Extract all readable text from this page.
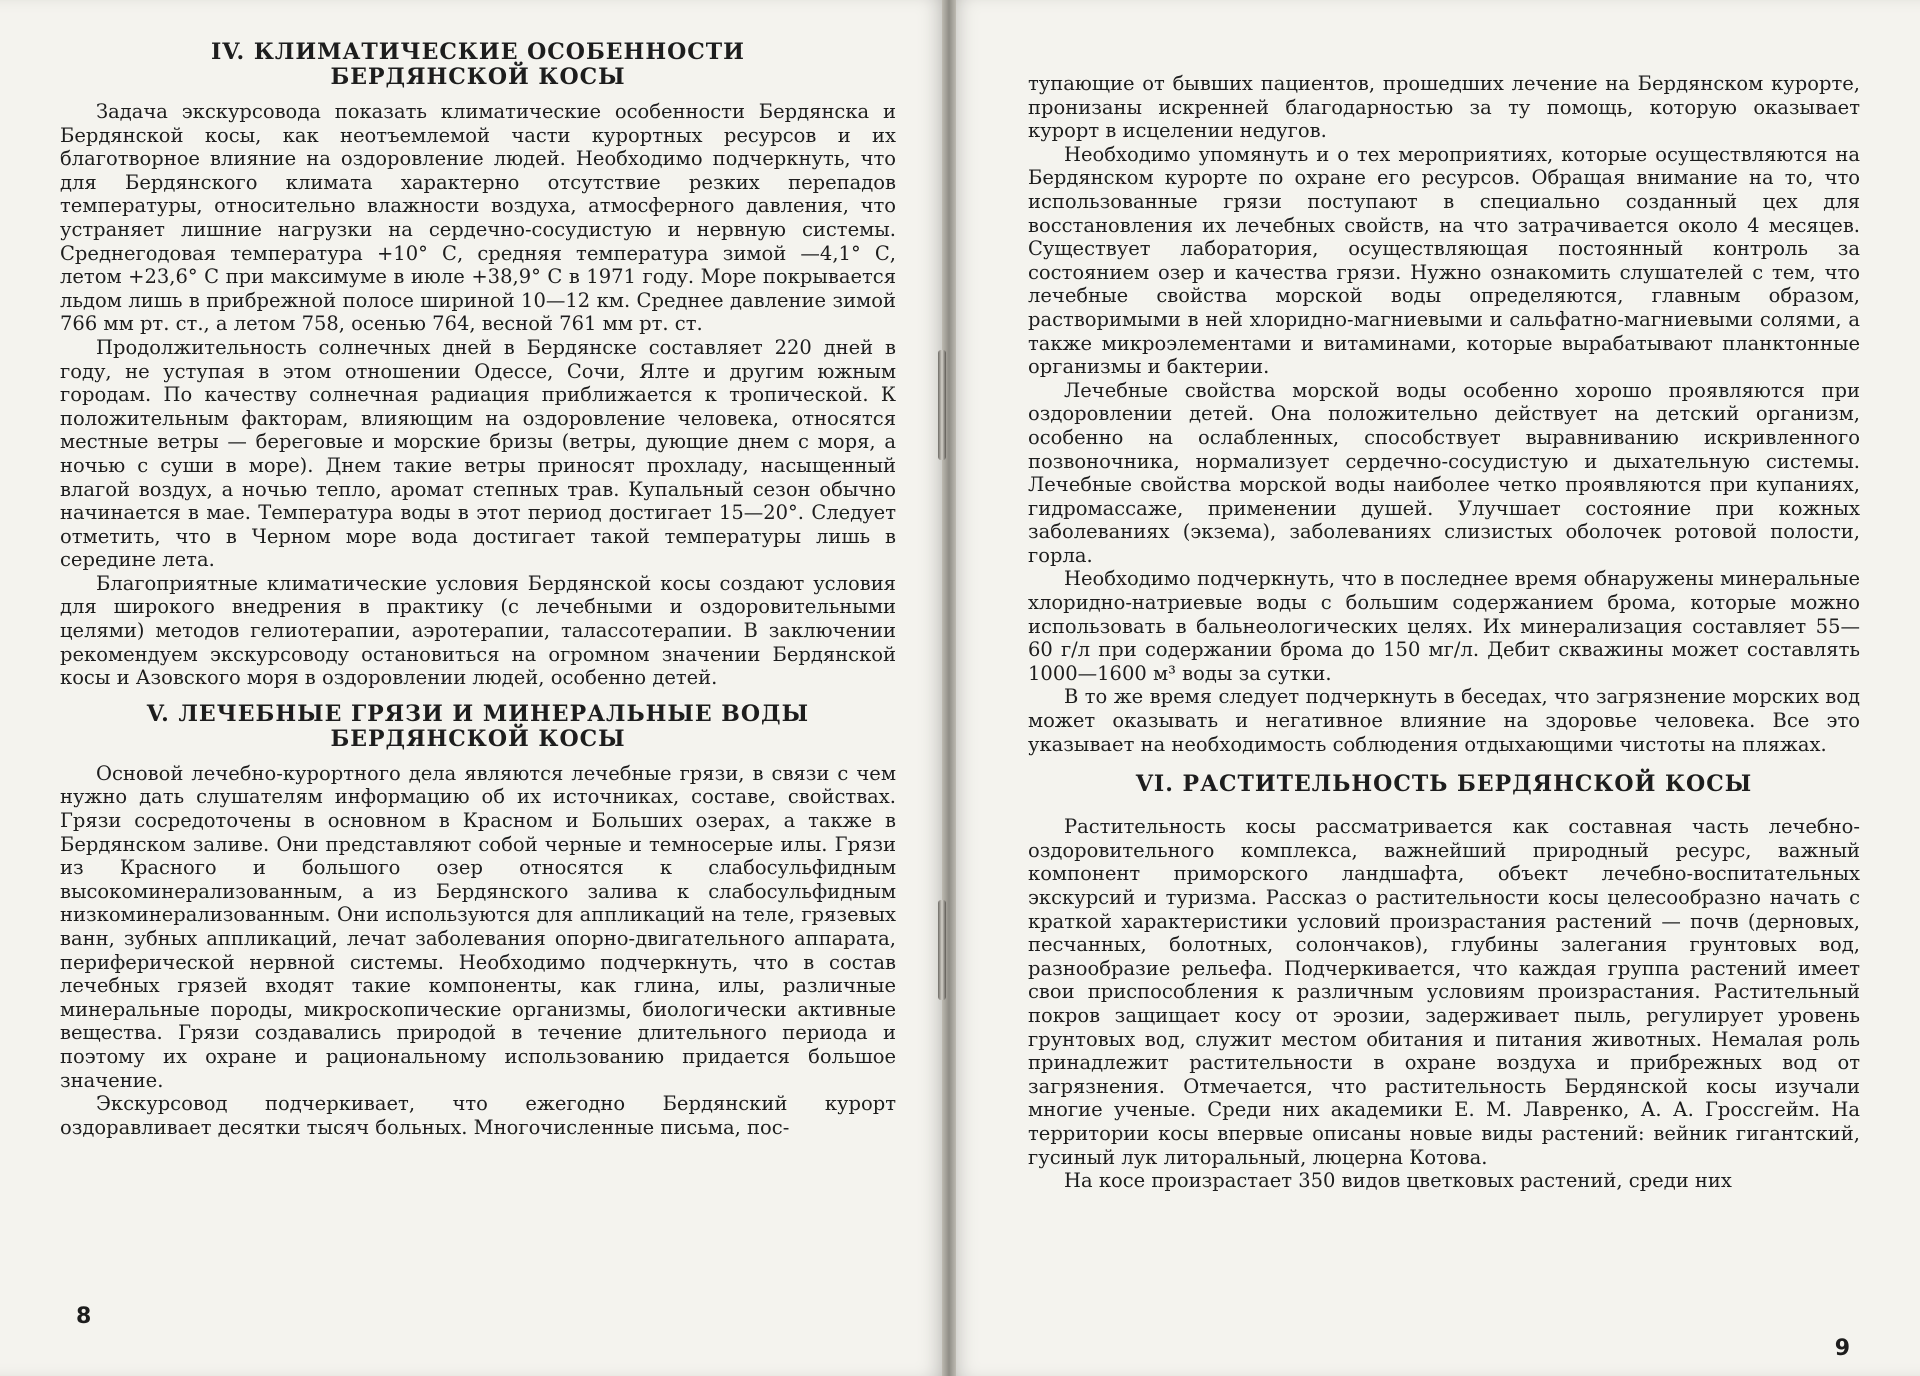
IV. КЛИМАТИЧЕСКИЕ ОСОБЕННОСТИ
БЕРДЯНСКОЙ КОСЫ

Задача экскурсовода показать климатические особенности Бердянска и Бердянской косы, как неотъемлемой части курортных ресурсов и их благотворное влияние на оздоровление людей. Необходимо подчеркнуть, что для Бердянского климата характерно отсутствие резких перепадов температуры, относительно влажности воздуха, атмосферного давления, что устраняет лишние нагрузки на сердечно-сосудистую и нервную системы. Среднегодовая температура +10° С, средняя температура зимой —4,1° С, летом +23,6° С при максимуме в июле +38,9° С в 1971 году. Море покрывается льдом лишь в прибрежной полосе шириной 10—12 км. Среднее давление зимой 766 мм рт. ст., а летом 758, осенью 764, весной 761 мм рт. ст.

Продолжительность солнечных дней в Бердянске составляет 220 дней в году, не уступая в этом отношении Одессе, Сочи, Ялте и другим южным городам. По качеству солнечная радиация приближается к тропической. К положительным факторам, влияющим на оздоровление человека, относятся местные ветры — береговые и морские бризы (ветры, дующие днем с моря, а ночью с суши в море). Днем такие ветры приносят прохладу, насыщенный влагой воздух, а ночью тепло, аромат степных трав. Купальный сезон обычно начинается в мае. Температура воды в этот период достигает 15—20°. Следует отметить, что в Черном море вода достигает такой температуры лишь в середине лета.

Благоприятные климатические условия Бердянской косы создают условия для широкого внедрения в практику (с лечебными и оздоровительными целями) методов гелиотерапии, аэротерапии, талассотерапии. В заключении рекомендуем экскурсоводу остановиться на огромном значении Бердянской косы и Азовского моря в оздоровлении людей, особенно детей.

V. ЛЕЧЕБНЫЕ ГРЯЗИ И МИНЕРАЛЬНЫЕ ВОДЫ
БЕРДЯНСКОЙ КОСЫ

Основой лечебно-курортного дела являются лечебные грязи, в связи с чем нужно дать слушателям информацию об их источниках, составе, свойствах. Грязи сосредоточены в основном в Красном и Больших озерах, а также в Бердянском заливе. Они представляют собой черные и темносерые илы. Грязи из Красного и большого озер относятся к слабосульфидным высокоминерализованным, а из Бердянского залива к слабосульфидным низкоминерализованным. Они используются для аппликаций на теле, грязевых ванн, зубных аппликаций, лечат заболевания опорно-двигательного аппарата, периферической нервной системы. Необходимо подчеркнуть, что в состав лечебных грязей входят такие компоненты, как глина, илы, различные минеральные породы, микроскопические организмы, биологически активные вещества. Грязи создавались природой в течение длительного периода и поэтому их охране и рациональному использованию придается большое значение.

Экскурсовод подчеркивает, что ежегодно Бердянский курорт оздоравливает десятки тысяч больных. Многочисленные письма, пос-

8

тупающие от бывших пациентов, прошедших лечение на Бердянском курорте, пронизаны искренней благодарностью за ту помощь, которую оказывает курорт в исцелении недугов.

Необходимо упомянуть и о тех мероприятиях, которые осуществляются на Бердянском курорте по охране его ресурсов. Обращая внимание на то, что использованные грязи поступают в специально созданный цех для восстановления их лечебных свойств, на что затрачивается около 4 месяцев. Существует лаборатория, осуществляющая постоянный контроль за состоянием озер и качества грязи. Нужно ознакомить слушателей с тем, что лечебные свойства морской воды определяются, главным образом, растворимыми в ней хлоридно-магниевыми и сальфатно-магниевыми солями, а также микроэлементами и витаминами, которые вырабатывают планктонные организмы и бактерии.

Лечебные свойства морской воды особенно хорошо проявляются при оздоровлении детей. Она положительно действует на детский организм, особенно на ослабленных, способствует выравниванию искривленного позвоночника, нормализует сердечно-сосудистую и дыхательную системы. Лечебные свойства морской воды наиболее четко проявляются при купаниях, гидромассаже, применении душей. Улучшает состояние при кожных заболеваниях (экзема), заболеваниях слизистых оболочек ротовой полости, горла.

Необходимо подчеркнуть, что в последнее время обнаружены минеральные хлоридно-натриевые воды с большим содержанием брома, которые можно использовать в бальнеологических целях. Их минерализация составляет 55—60 г/л при содержании брома до 150 мг/л. Дебит скважины может составлять 1000—1600 м³ воды за сутки.

В то же время следует подчеркнуть в беседах, что загрязнение морских вод может оказывать и негативное влияние на здоровье человека. Все это указывает на необходимость соблюдения отдыхающими чистоты на пляжах.

VI. РАСТИТЕЛЬНОСТЬ БЕРДЯНСКОЙ КОСЫ

Растительность косы рассматривается как составная часть лечебно-оздоровительного комплекса, важнейший природный ресурс, важный компонент приморского ландшафта, объект лечебно-воспитательных экскурсий и туризма. Рассказ о растительности косы целесообразно начать с краткой характеристики условий произрастания растений — почв (дерновых, песчанных, болотных, солончаков), глубины залегания грунтовых вод, разнообразие рельефа. Подчеркивается, что каждая группа растений имеет свои приспособления к различным условиям произрастания. Растительный покров защищает косу от эрозии, задерживает пыль, регулирует уровень грунтовых вод, служит местом обитания и питания животных. Немалая роль принадлежит растительности в охране воздуха и прибрежных вод от загрязнения. Отмечается, что растительность Бердянской косы изучали многие ученые. Среди них академики Е. М. Лавренко, А. А. Гроссгейм. На территории косы впервые описаны новые виды растений: вейник гигантский, гусиный лук литоральный, люцерна Котова.

На косе произрастает 350 видов цветковых растений, среди них

9
